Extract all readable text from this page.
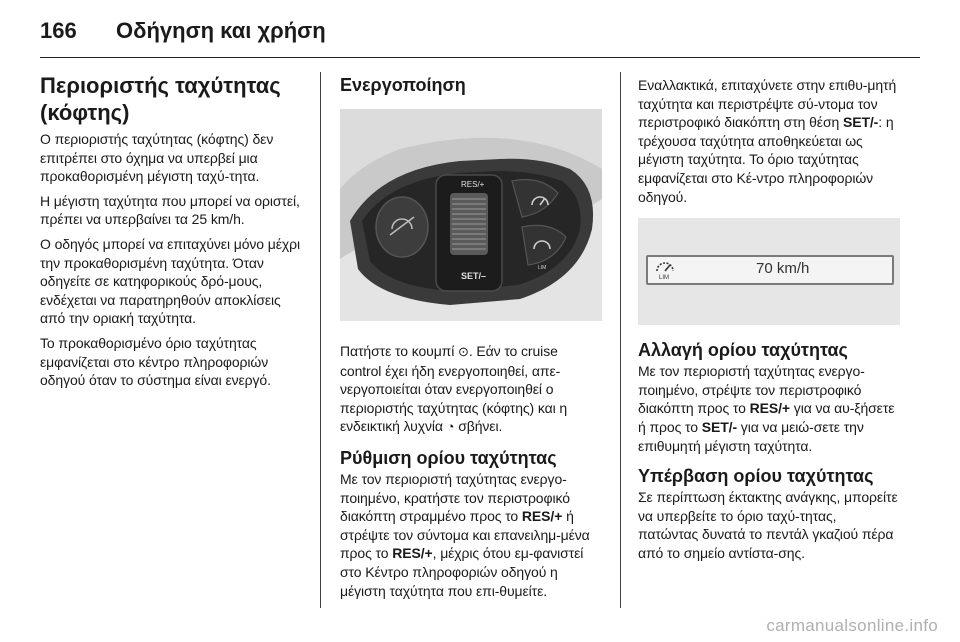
166 Οδήγηση και χρήση
Περιοριστής ταχύτητας (κόφτης)

Ο περιοριστής ταχύτητας (κόφτης) δεν επιτρέπει στο όχημα να υπερβεί μια προκαθορισμένη μέγιστη ταχύ-τητα.

Η μέγιστη ταχύτητα που μπορεί να οριστεί, πρέπει να υπερβαίνει τα 25 km/h.

Ο οδηγός μπορεί να επιταχύνει μόνο μέχρι την προκαθορισμένη ταχύτητα. Όταν οδηγείτε σε κατηφορικούς δρό-μους, ενδέχεται να παρατηρηθούν αποκλίσεις από την οριακή ταχύτητα.

Το προκαθορισμένο όριο ταχύτητας εμφανίζεται στο κέντρο πληροφοριών οδηγού όταν το σύστημα είναι ενεργό.

Ενεργοποίηση
RES/+
SET/–
LIM

Πατήστε το κουμπί ⊙. Εάν το cruise control έχει ήδη ενεργοποιηθεί, απε-νεργοποιείται όταν ενεργοποιηθεί ο περιοριστής ταχύτητας (κόφτης) και η ενδεικτική λυχνία ◔ σβήνει.

Ρύθμιση ορίου ταχύτητας

Με τον περιοριστή ταχύτητας ενεργο-ποιημένο, κρατήστε τον περιστροφικό διακόπτη στραμμένο προς το RES/+ ή στρέψτε τον σύντομα και επανειλημ-μένα προς το RES/+, μέχρις ότου εμ-φανιστεί στο Κέντρο πληροφοριών οδηγού η μέγιστη ταχύτητα που επι-θυμείτε.

Εναλλακτικά, επιταχύνετε στην επιθυ-μητή ταχύτητα και περιστρέψτε σύ-ντομα τον περιστροφικό διακόπτη στη θέση SET/-: η τρέχουσα ταχύτητα αποθηκεύεται ως μέγιστη ταχύτητα. Το όριο ταχύτητας εμφανίζεται στο Κέ-ντρο πληροφοριών οδηγού.

LIM
70 km/h
Αλλαγή ορίου ταχύτητας

Με τον περιοριστή ταχύτητας ενεργο-ποιημένο, στρέψτε τον περιστροφικό διακόπτη προς το RES/+ για να αυ-ξήσετε ή προς το SET/- για να μειώ-σετε την επιθυμητή μέγιστη ταχύτητα.

Υπέρβαση ορίου ταχύτητας

Σε περίπτωση έκτακτης ανάγκης, μπορείτε να υπερβείτε το όριο ταχύ-τητας, πατώντας δυνατά το πεντάλ γκαζιού πέρα από το σημείο αντίστα-σης.

carmanualsonline.info
